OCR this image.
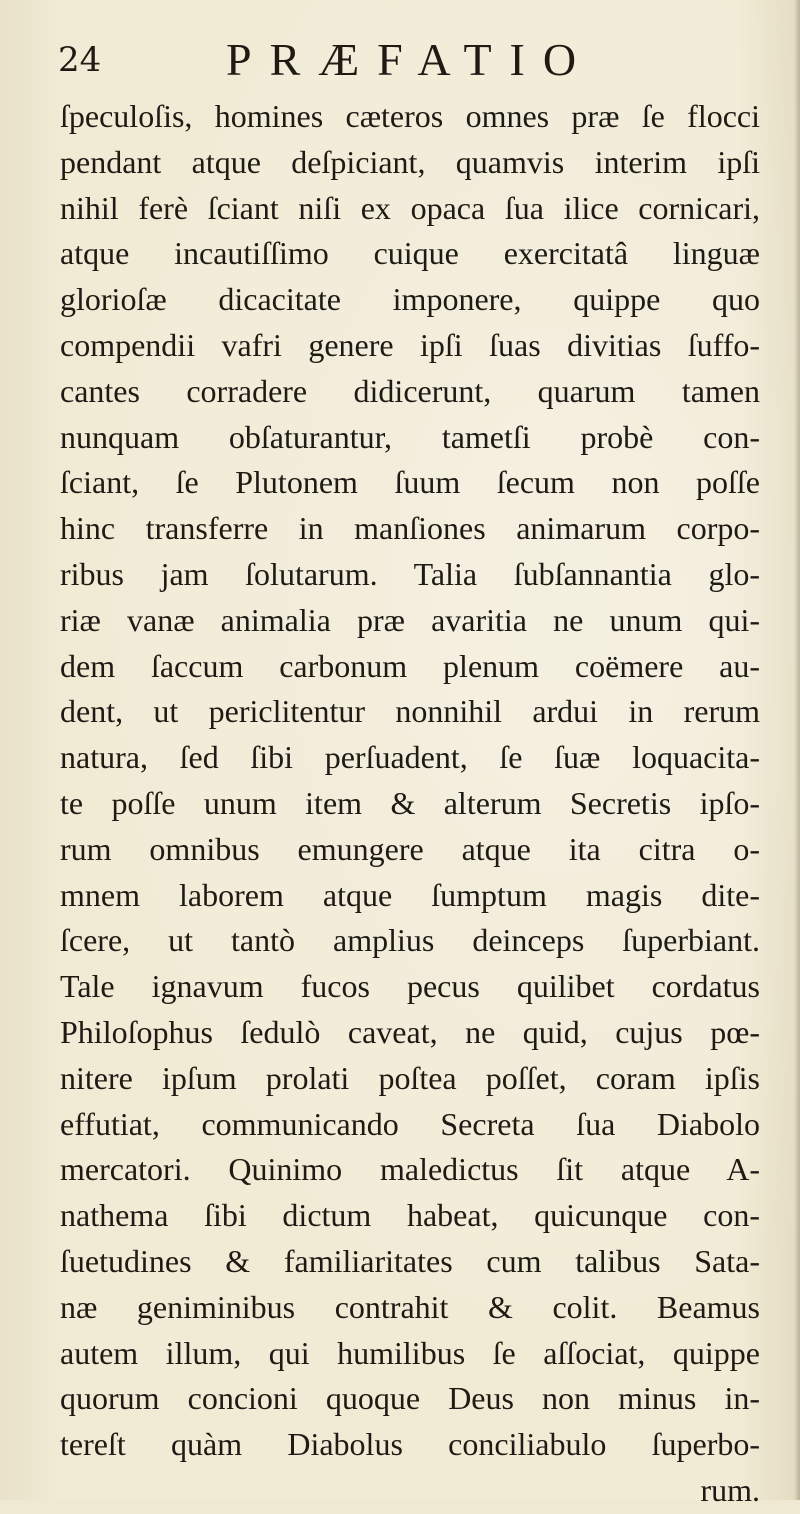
24	PRÆFATIO
ſpeculoſis, homines cæteros omnes præ ſe flocci
pendant atque deſpiciant, quamvis interim ipſi
nihil ferè ſciant niſi ex opaca ſua ilice cornicari,
atque incautiſſimo cuique exercitatâ linguæ
glorioſæ dicacitate imponere, quippe quo
compendii vafri genere ipſi ſuas divitias ſuffo-
cantes corradere didicerunt, quarum tamen
nunquam obſaturantur, tametſi probè con-
ſciant, ſe Plutonem ſuum ſecum non poſſe
hinc transferre in manſiones animarum corpo-
ribus jam ſolutarum. Talia ſubſannantia glo-
riæ vanæ animalia præ avaritia ne unum qui-
dem ſaccum carbonum plenum coëmere au-
dent, ut periclitentur nonnihil ardui in rerum
natura, ſed ſibi perſuadent, ſe ſuæ loquacita-
te poſſe unum item & alterum Secretis ipſo-
rum omnibus emungere atque ita citra o-
mnem laborem atque ſumptum magis dite-
ſcere, ut tantò amplius deinceps ſuperbiant.
Tale ignavum fucos pecus quilibet cordatus
Philoſophus ſedulò caveat, ne quid, cujus pœ-
nitere ipſum prolati poſtea poſſet, coram ipſis
effutiat, communicando Secreta ſua Diabolo
mercatori. Quinimo maledictus ſit atque A-
nathema ſibi dictum habeat, quicunque con-
ſuetudines & familiaritates cum talibus Sata-
næ geniminibus contrahit & colit. Beamus
autem illum, qui humilibus ſe aſſociat, quippe
quorum concioni quoque Deus non minus in-
tereſt quàm Diabolus conciliabulo ſuperbo-
rum.
